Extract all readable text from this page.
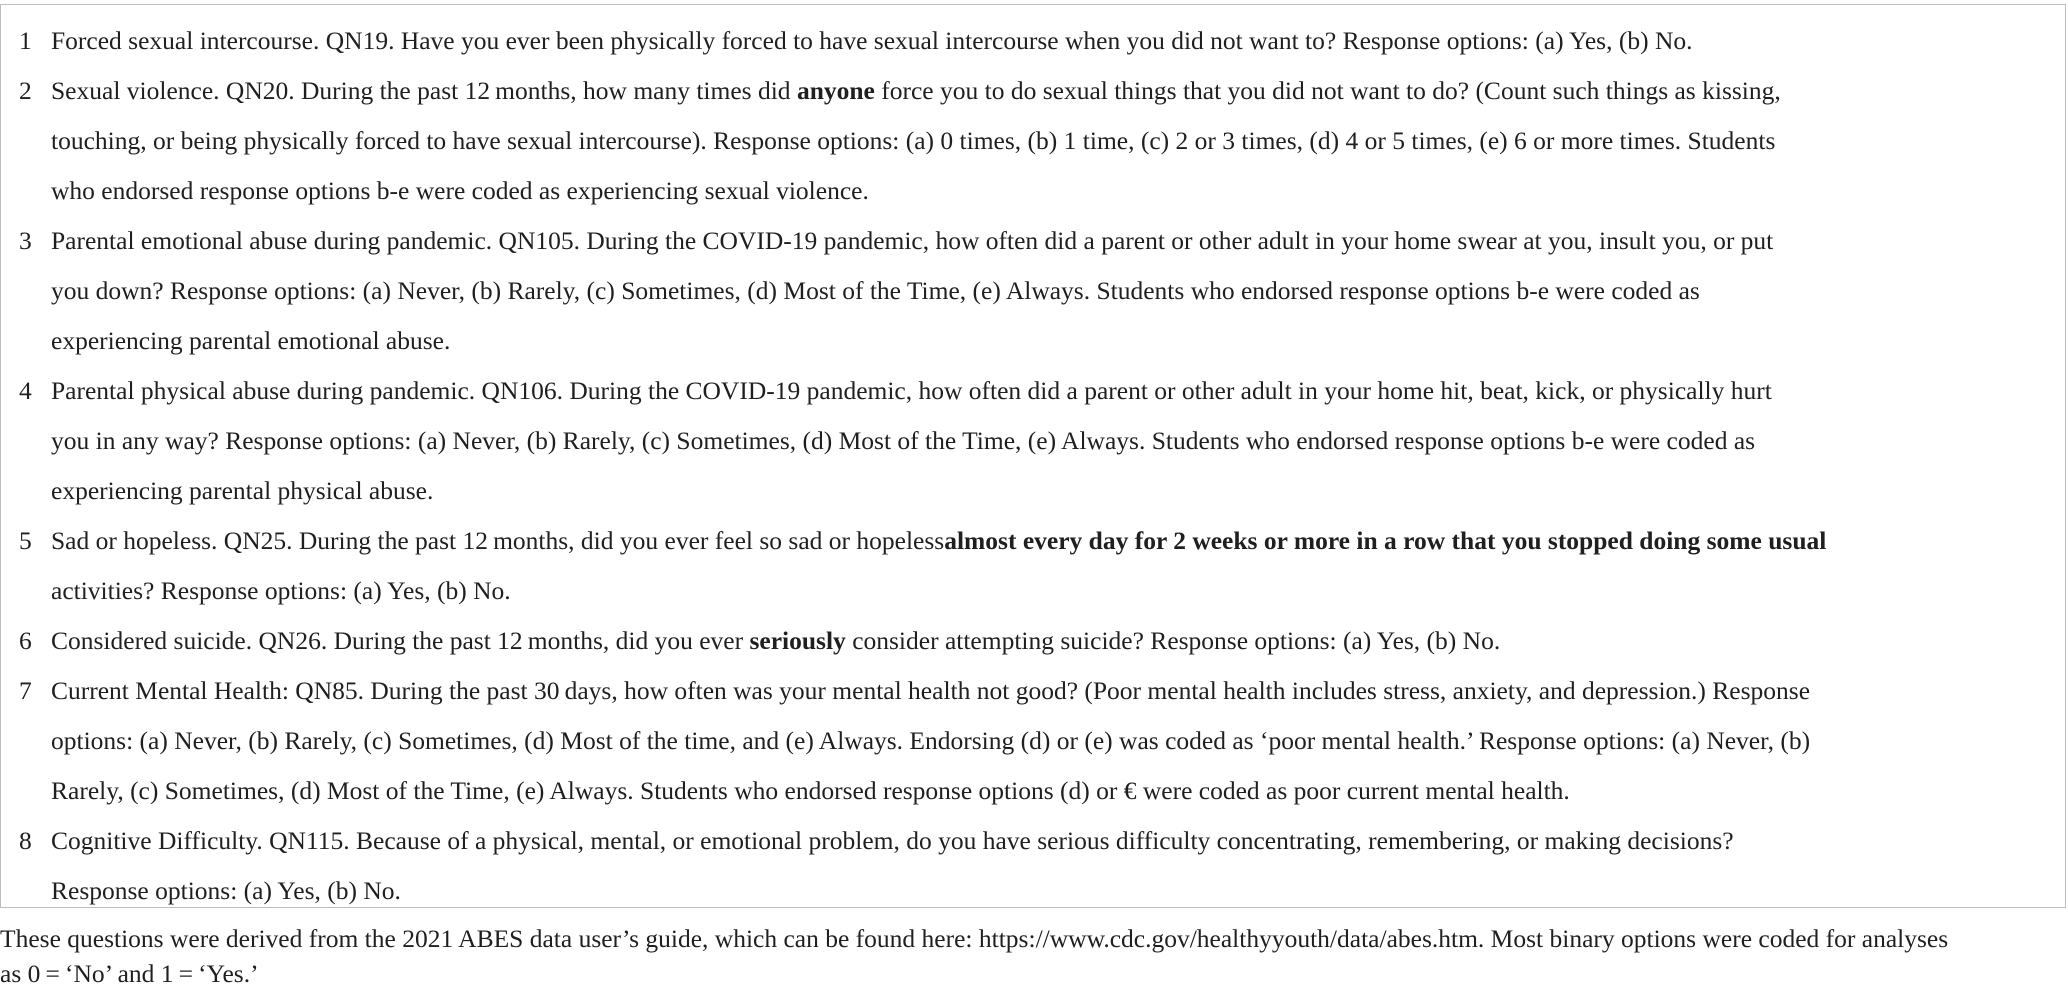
1 Forced sexual intercourse. QN19. Have you ever been physically forced to have sexual intercourse when you did not want to? Response options: (a) Yes, (b) No.
2 Sexual violence. QN20. During the past 12 months, how many times did anyone force you to do sexual things that you did not want to do? (Count such things as kissing,
touching, or being physically forced to have sexual intercourse). Response options: (a) 0 times, (b) 1 time, (c) 2 or 3 times, (d) 4 or 5 times, (e) 6 or more times. Students
who endorsed response options b-e were coded as experiencing sexual violence.
3 Parental emotional abuse during pandemic. QN105. During the COVID-19 pandemic, how often did a parent or other adult in your home swear at you, insult you, or put
you down? Response options: (a) Never, (b) Rarely, (c) Sometimes, (d) Most of the Time, (e) Always. Students who endorsed response options b-e were coded as
experiencing parental emotional abuse.
4 Parental physical abuse during pandemic. QN106. During the COVID-19 pandemic, how often did a parent or other adult in your home hit, beat, kick, or physically hurt
you in any way? Response options: (a) Never, (b) Rarely, (c) Sometimes, (d) Most of the Time, (e) Always. Students who endorsed response options b-e were coded as
experiencing parental physical abuse.
5 Sad or hopeless. QN25. During the past 12 months, did you ever feel so sad or hopelessalmost every day for 2 weeks or more in a row that you stopped doing some usual
activities? Response options: (a) Yes, (b) No.
6 Considered suicide. QN26. During the past 12 months, did you ever seriously consider attempting suicide? Response options: (a) Yes, (b) No.
7 Current Mental Health: QN85. During the past 30 days, how often was your mental health not good? (Poor mental health includes stress, anxiety, and depression.) Response
options: (a) Never, (b) Rarely, (c) Sometimes, (d) Most of the time, and (e) Always. Endorsing (d) or (e) was coded as ‘poor mental health.’ Response options: (a) Never, (b)
Rarely, (c) Sometimes, (d) Most of the Time, (e) Always. Students who endorsed response options (d) or € were coded as poor current mental health.
8 Cognitive Difficulty. QN115. Because of a physical, mental, or emotional problem, do you have serious difficulty concentrating, remembering, or making decisions?
Response options: (a) Yes, (b) No.
These questions were derived from the 2021 ABES data user’s guide, which can be found here: https://www.cdc.gov/healthyyouth/data/abes.htm. Most binary options were coded for analyses
as 0 = ‘No’ and 1 = ‘Yes.’
